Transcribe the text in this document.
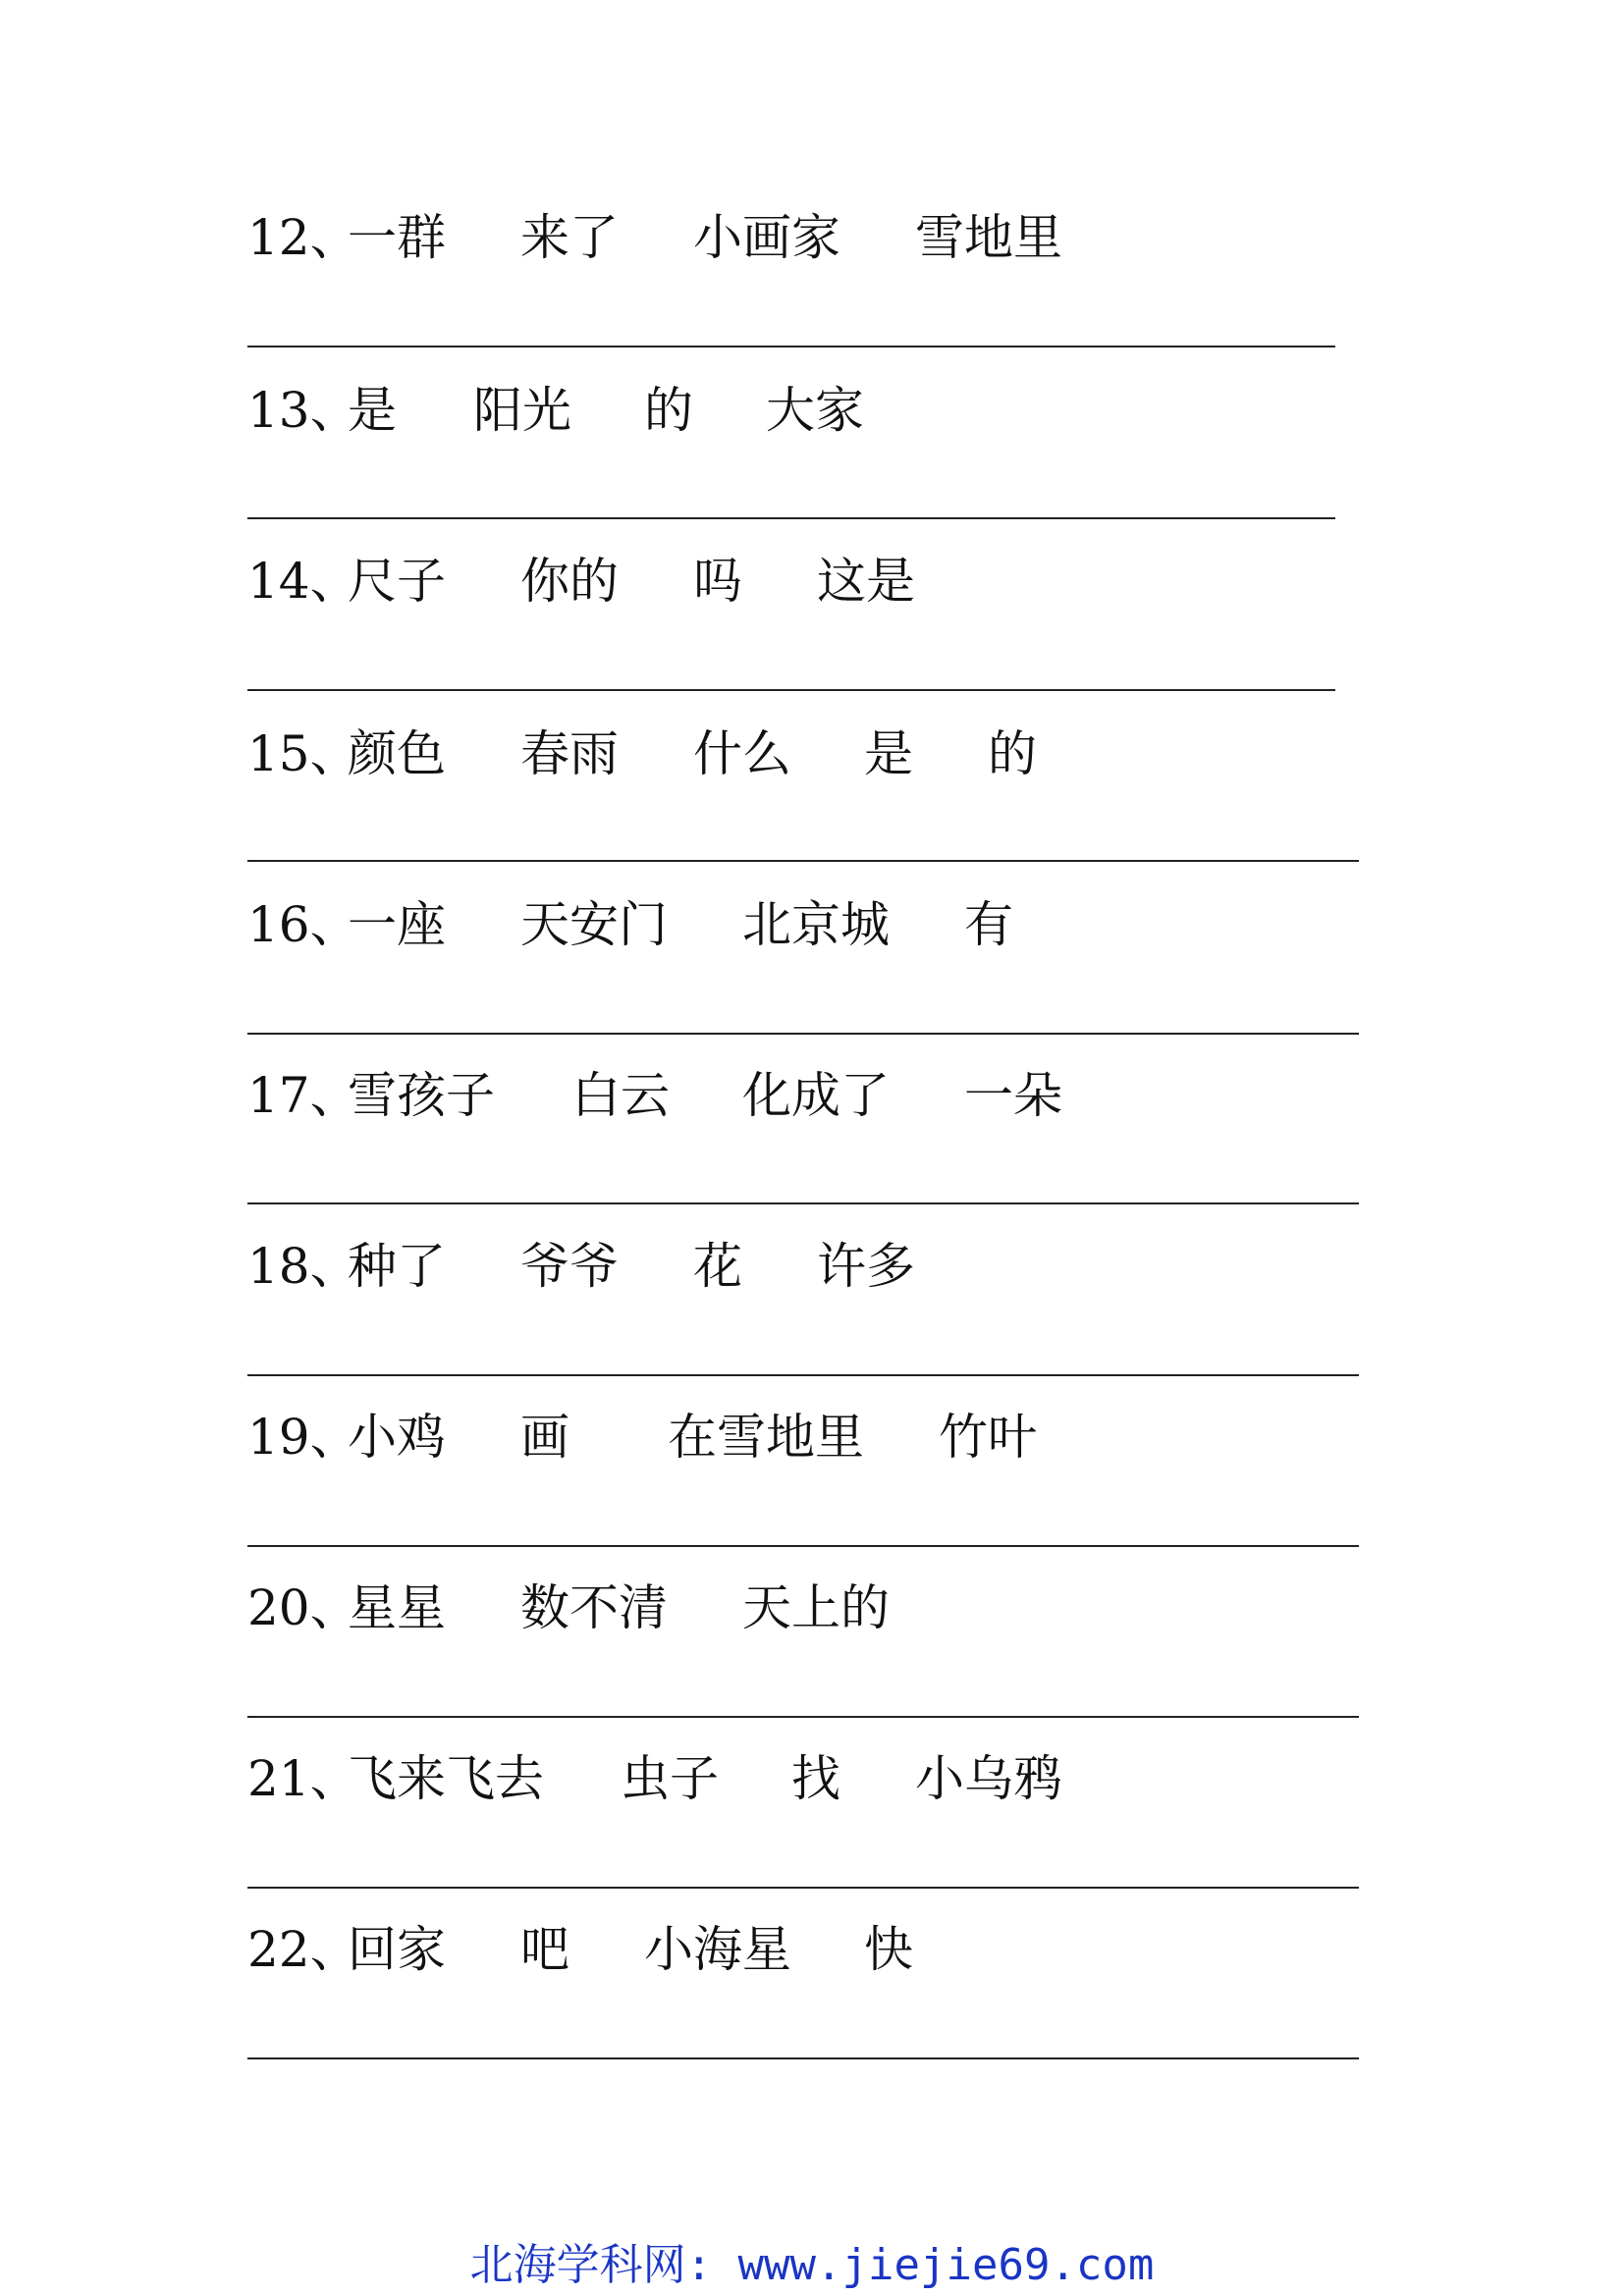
12、
一群 来了 小画家 雪地里
13、
是 阳光 的 大家
14、
尺子 你的 吗 这是
15、
颜色 春雨 什么 是 的
16、
一座 天安门 北京城 有
17、
雪孩子 白云 化成了 一朵
18、
种了 爷爷 花 许多
19、
小鸡 画 在雪地里 竹叶
20、
星星 数不清 天上的
21、
飞来飞去 虫子 找 小乌鸦
22、
回家 吧 小海星 快
北海学科网: www.jiejie69.com
